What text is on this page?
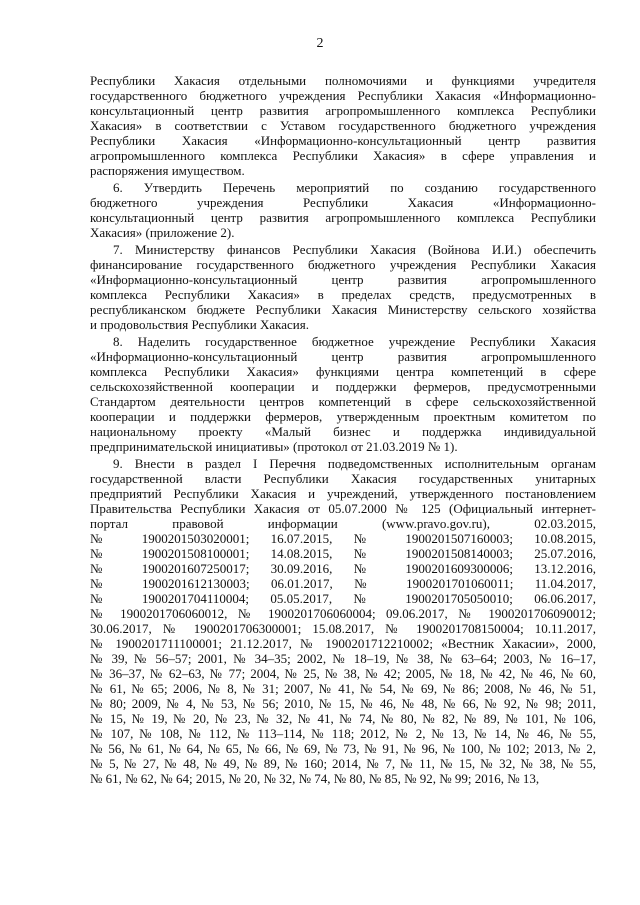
2
Республики Хакасия отдельными полномочиями и функциями учредителя
государственного бюджетного учреждения Республики Хакасия «Информационно-
консультационный центр развития агропромышленного комплекса Республики
Хакасия» в соответствии с Уставом государственного бюджетного учреждения
Республики Хакасия «Информационно-консультационный центр развития
агропромышленного комплекса Республики Хакасия» в сфере управления и
распоряжения имуществом.
6. Утвердить Перечень мероприятий по созданию государственного
бюджетного учреждения Республики Хакасия «Информационно-
консультационный центр развития агропромышленного комплекса Республики
Хакасия» (приложение 2).
7. Министерству финансов Республики Хакасия (Войнова И.И.) обеспечить
финансирование государственного бюджетного учреждения Республики Хакасия
«Информационно-консультационный центр развития агропромышленного
комплекса Республики Хакасия» в пределах средств, предусмотренных в
республиканском бюджете Республики Хакасия Министерству сельского хозяйства
и продовольствия Республики Хакасия.
8. Наделить государственное бюджетное учреждение Республики Хакасия
«Информационно-консультационный центр развития агропромышленного
комплекса Республики Хакасия» функциями центра компетенций в сфере
сельскохозяйственной кооперации и поддержки фермеров, предусмотренными
Стандартом деятельности центров компетенций в сфере сельскохозяйственной
кооперации и поддержки фермеров, утвержденным проектным комитетом по
национальному проекту «Малый бизнес и поддержка индивидуальной
предпринимательской инициативы» (протокол от 21.03.2019 № 1).
9. Внести в раздел I Перечня подведомственных исполнительным органам
государственной власти Республики Хакасия государственных унитарных
предприятий Республики Хакасия и учреждений, утвержденного постановлением
Правительства Республики Хакасия от 05.07.2000 № 125 (Официальный интернет-
портал правовой информации (www.pravo.gov.ru), 02.03.2015,
№ 1900201503020001; 16.07.2015, № 1900201507160003; 10.08.2015,
№ 1900201508100001; 14.08.2015, № 1900201508140003; 25.07.2016,
№ 1900201607250017; 30.09.2016, № 1900201609300006; 13.12.2016,
№ 1900201612130003; 06.01.2017, № 1900201701060011; 11.04.2017,
№ 1900201704110004; 05.05.2017, № 1900201705050010; 06.06.2017,
№ 1900201706060012, № 1900201706060004; 09.06.2017, № 1900201706090012;
30.06.2017, № 1900201706300001; 15.08.2017, № 1900201708150004; 10.11.2017,
№ 1900201711100001; 21.12.2017, № 1900201712210002; «Вестник Хакасии», 2000,
№ 39, № 56–57; 2001, № 34–35; 2002, № 18–19, № 38, № 63–64; 2003, № 16–17,
№ 36–37, № 62–63, № 77; 2004, № 25, № 38, № 42; 2005, № 18, № 42, № 46, № 60,
№ 61, № 65; 2006, № 8, № 31; 2007, № 41, № 54, № 69, № 86; 2008, № 46, № 51,
№ 80; 2009, № 4, № 53, № 56; 2010, № 15, № 46, № 48, № 66, № 92, № 98; 2011,
№ 15, № 19, № 20, № 23, № 32, № 41, № 74, № 80, № 82, № 89, № 101, № 106,
№ 107, № 108, № 112, № 113–114, № 118; 2012, № 2, № 13, № 14, № 46, № 55,
№ 56, № 61, № 64, № 65, № 66, № 69, № 73, № 91, № 96, № 100, № 102; 2013, № 2,
№ 5, № 27, № 48, № 49, № 89, № 160; 2014, № 7, № 11, № 15, № 32, № 38, № 55,
№ 61, № 62, № 64; 2015, № 20, № 32, № 74, № 80, № 85, № 92, № 99; 2016, № 13,
